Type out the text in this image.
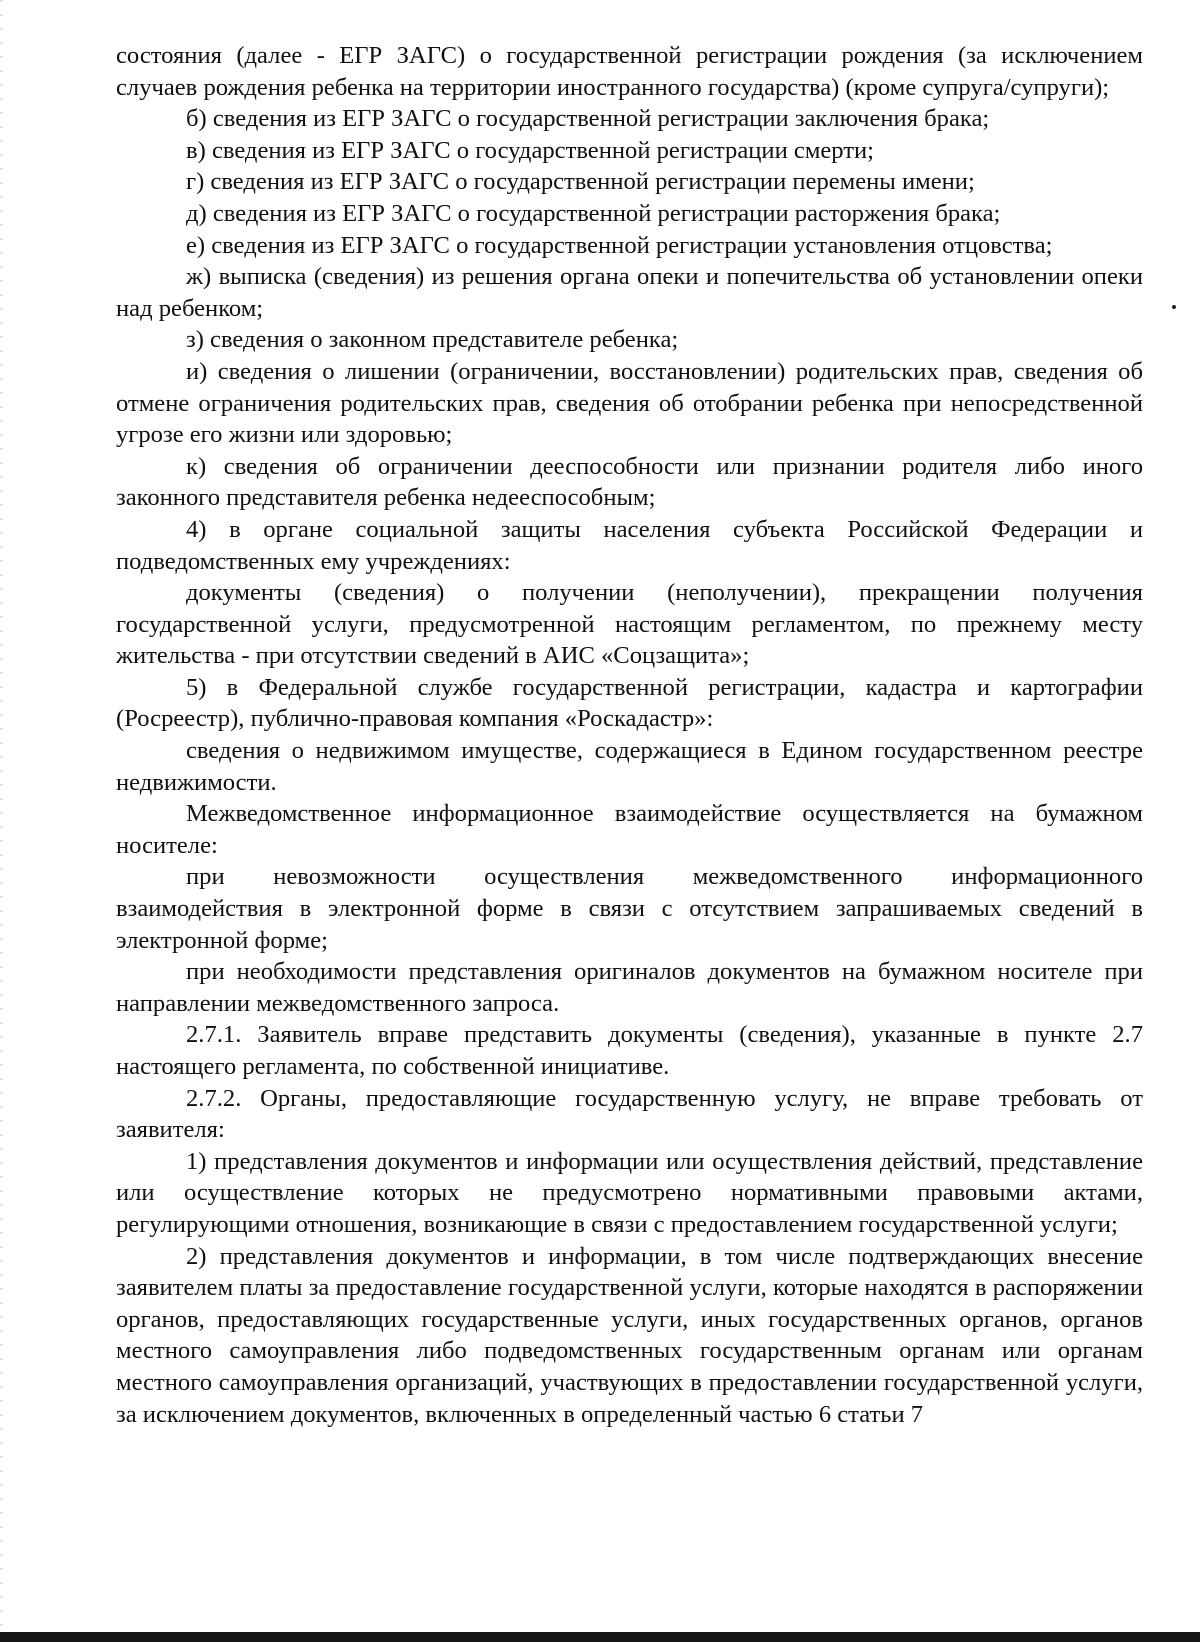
состояния (далее - ЕГР ЗАГС) о государственной регистрации рождения (за исключением случаев рождения ребенка на территории иностранного государства) (кроме супруга/супруги);

б) сведения из ЕГР ЗАГС о государственной регистрации заключения брака;

в) сведения из ЕГР ЗАГС о государственной регистрации смерти;

г) сведения из ЕГР ЗАГС о государственной регистрации перемены имени;

д) сведения из ЕГР ЗАГС о государственной регистрации расторжения брака;

е) сведения из ЕГР ЗАГС о государственной регистрации установления отцовства;

ж) выписка (сведения) из решения органа опеки и попечительства об установлении опеки над ребенком;

з) сведения о законном представителе ребенка;

и) сведения о лишении (ограничении, восстановлении) родительских прав, сведения об отмене ограничения родительских прав, сведения об отобрании ребенка при непосредственной угрозе его жизни или здоровью;

к) сведения об ограничении дееспособности или признании родителя либо иного законного представителя ребенка недееспособным;

4) в органе социальной защиты населения субъекта Российской Федерации и подведомственных ему учреждениях:

документы (сведения) о получении (неполучении), прекращении получения государственной услуги, предусмотренной настоящим регламентом, по прежнему месту жительства - при отсутствии сведений в АИС «Соцзащита»;

5) в Федеральной службе государственной регистрации, кадастра и картографии (Росреестр), публично-правовая компания «Роскадастр»:

сведения о недвижимом имуществе, содержащиеся в Едином государственном реестре недвижимости.

Межведомственное информационное взаимодействие осуществляется на бумажном носителе:

при невозможности осуществления межведомственного информационного взаимодействия в электронной форме в связи с отсутствием запрашиваемых сведений в электронной форме;

при необходимости представления оригиналов документов на бумажном носителе при направлении межведомственного запроса.

2.7.1. Заявитель вправе представить документы (сведения), указанные в пункте 2.7 настоящего регламента, по собственной инициативе.

2.7.2. Органы, предоставляющие государственную услугу, не вправе требовать от заявителя:

1) представления документов и информации или осуществления действий, представление или осуществление которых не предусмотрено нормативными правовыми актами, регулирующими отношения, возникающие в связи с предоставлением государственной услуги;

2) представления документов и информации, в том числе подтверждающих внесение заявителем платы за предоставление государственной услуги, которые находятся в распоряжении органов, предоставляющих государственные услуги, иных государственных органов, органов местного самоуправления либо подведомственных государственным органам или органам местного самоуправления организаций, участвующих в предоставлении государственной услуги, за исключением документов, включенных в определенный частью 6 статьи 7
